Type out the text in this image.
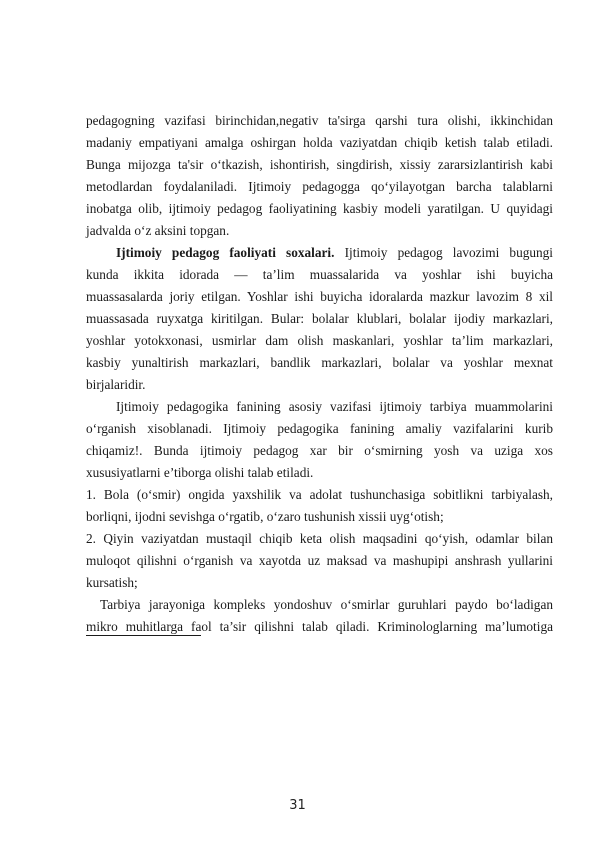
pedagogning vazifasi birinchidan,negativ ta'sirga qarshi tura olishi, ikkinchidan
madaniy empatiyani amalga oshirgan holda vaziyatdan chiqib ketish talab etiladi.
Bunga mijozga ta'sir o‘tkazish, ishontirish, singdirish, xissiy zararsizlantirish kabi
metodlardan foydalaniladi. Ijtimoiy pedagogga qo‘yilayotgan barcha talablarni
inobatga olib, ijtimoiy pedagog faoliyatining kasbiy modeli yaratilgan. U quyidagi
jadvalda o‘z aksini topgan.
Ijtimoiy pedagog faoliyati soxalari. Ijtimoiy pedagog lavozimi bugungi
kunda ikkita idorada — ta’lim muassalarida va yoshlar ishi buyicha
muassasalarda joriy etilgan. Yoshlar ishi buyicha idoralarda mazkur lavozim 8 xil
muassasada ruyxatga kiritilgan. Bular: bolalar klublari, bolalar ijodiy markazlari,
yoshlar yotokxonasi, usmirlar dam olish maskanlari, yoshlar ta’lim markazlari,
kasbiy yunaltirish markazlari, bandlik markazlari, bolalar va yoshlar mexnat
birjalaridir.
Ijtimoiy pedagogika fanining asosiy vazifasi ijtimoiy tarbiya muammolarini
o‘rganish xisoblanadi. Ijtimoiy pedagogika fanining amaliy vazifalarini kurib
chiqamiz!. Bunda ijtimoiy pedagog xar bir o‘smirning yosh va uziga xos
xususiyatlarni e’tiborga olishi talab etiladi.
1. Bola (o‘smir) ongida yaxshilik va adolat tushunchasiga sobitlikni tarbiyalash,
borliqni, ijodni sevishga o‘rgatib, o‘zaro tushunish xissii uyg‘otish;
2. Qiyin vaziyatdan mustaqil chiqib keta olish maqsadini qo‘yish, odamlar bilan
muloqot qilishni o‘rganish va xayotda uz maksad va mashupipi anshrash yullarini
kursatish;
Tarbiya jarayoniga kompleks yondoshuv o‘smirlar guruhlari paydo bo‘ladigan
mikro muhitlarga faol ta’sir qilishni talab qiladi. Kriminologlarning ma’lumotiga
31
